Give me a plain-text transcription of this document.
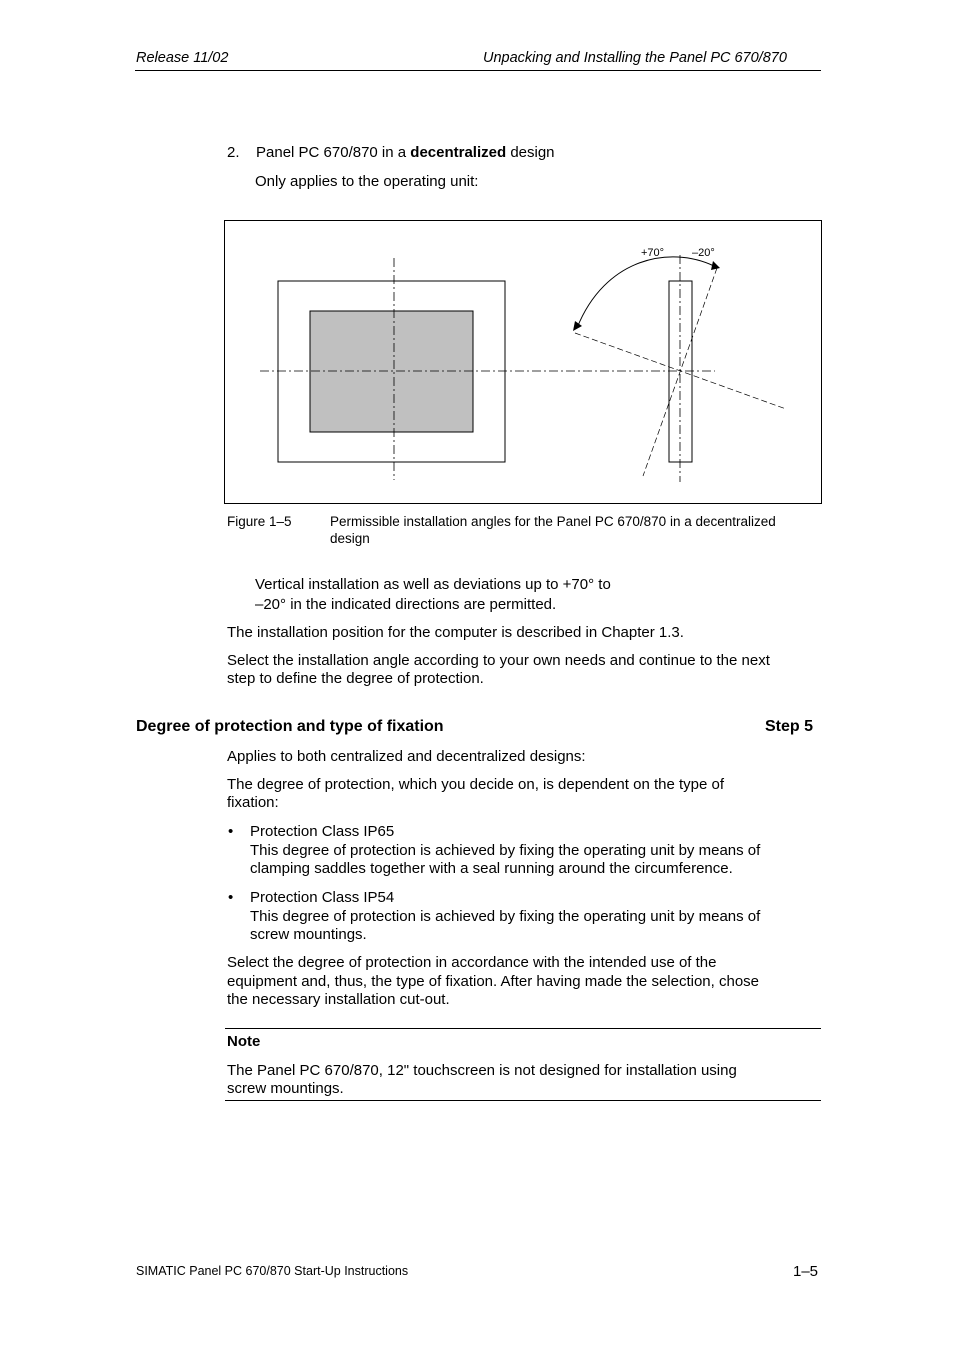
Release 11/02	Unpacking and Installing the Panel PC 670/870
2. Panel PC 670/870 in a decentralized design
Only applies to the operating unit:
+70°	–20°
Figure 1–5	Permissible installation angles for the Panel PC 670/870 in a decentralized
design
Vertical installation as well as deviations up to +70° to
–20° in the indicated directions are permitted.
The installation position for the computer is described in Chapter 1.3.
Select the installation angle according to your own needs and continue to the next
step to define the degree of protection.
Degree of protection and type of fixation	Step 5
Applies to both centralized and decentralized designs:
The degree of protection, which you decide on, is dependent on the type of
fixation:
• Protection Class IP65
This degree of protection is achieved by fixing the operating unit by means of
clamping saddles together with a seal running around the circumference.
• Protection Class IP54
This degree of protection is achieved by fixing the operating unit by means of
screw mountings.
Select the degree of protection in accordance with the intended use of the
equipment and, thus, the type of fixation. After having made the selection, chose
the necessary installation cut-out.
Note
The Panel PC 670/870, 12" touchscreen is not designed for installation using
screw mountings.
SIMATIC Panel PC 670/870 Start-Up Instructions	1–5
